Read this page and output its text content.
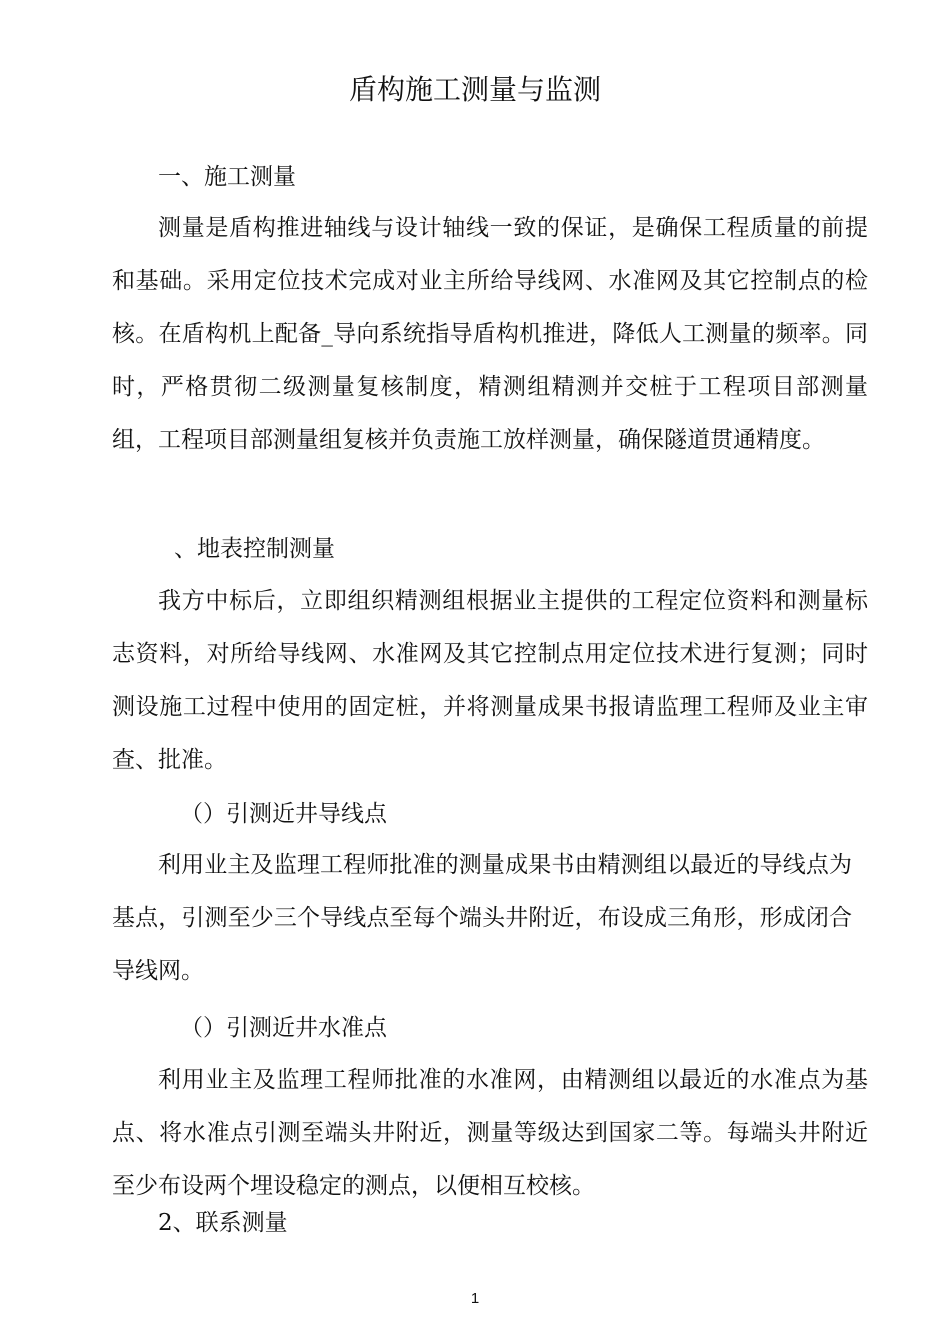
盾构施工测量与监测
一、施工测量
测量是盾构推进轴线与设计轴线一致的保证，是确保工程质量的前提和基础。采用定位技术完成对业主所给导线网、水准网及其它控制点的检核。在盾构机上配备_导向系统指导盾构机推进，降低人工测量的频率。同时，严格贯彻二级测量复核制度，精测组精测并交桩于工程项目部测量组，工程项目部测量组复核并负责施工放样测量，确保隧道贯通精度。
、地表控制测量
我方中标后，立即组织精测组根据业主提供的工程定位资料和测量标志资料，对所给导线网、水准网及其它控制点用定位技术进行复测；同时测设施工过程中使用的固定桩，并将测量成果书报请监理工程师及业主审查、批准。
（）引测近井导线点
利用业主及监理工程师批准的测量成果书由精测组以最近的导线点为基点，引测至少三个导线点至每个端头井附近，布设成三角形，形成闭合导线网。
（）引测近井水准点
利用业主及监理工程师批准的水准网，由精测组以最近的水准点为基点、将水准点引测至端头井附近，测量等级达到国家二等。每端头井附近至少布设两个埋设稳定的测点，以便相互校核。
2、联系测量
1
